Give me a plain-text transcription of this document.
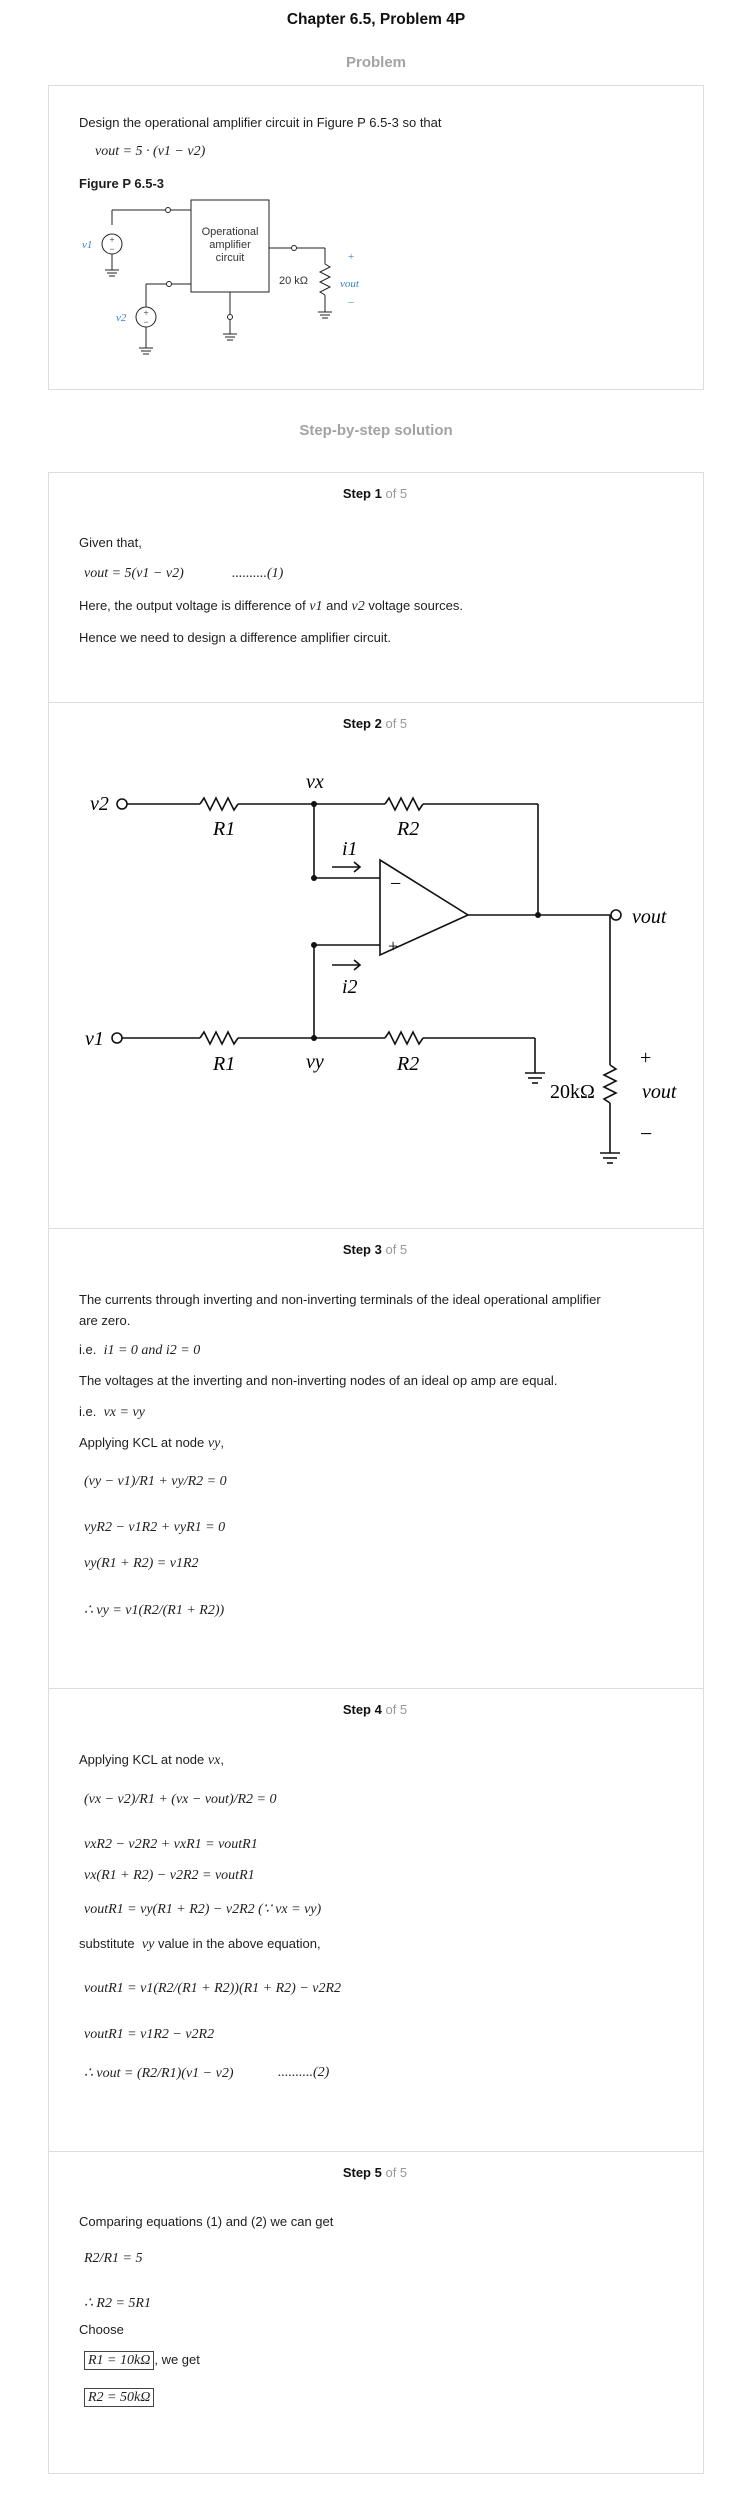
Chapter 6.5, Problem 4P
Problem
Design the operational amplifier circuit in Figure P 6.5-3 so that
vout = 5 · (v1 − v2)
Figure P 6.5-3
+
−
+
−
Operational
amplifier
circuit
20 kΩ
v1
v2
vout
+
−
Step-by-step solution
Step 1 of 5
Given that,
vout = 5(v1 − v2)	..........(1)
Here, the output voltage is difference of v1 and v2 voltage sources.
Hence we need to design a difference amplifier circuit.
Step 2 of 5
v2
v1
vx
vy
R1	R2
R1	R2
i1
i2
−
+
vout
20kΩ
+
vout
−
Step 3 of 5
The currents through inverting and non-inverting terminals of the ideal operational amplifier
are zero.
i.e. i1 = 0 and i2 = 0
The voltages at the inverting and non-inverting nodes of an ideal op amp are equal.
i.e. vx = vy
Applying KCL at node vy,
(vy − v1)/R1 + vy/R2 = 0
vyR2 − v1R2 + vyR1 = 0
vy(R1 + R2) = v1R2
∴ vy = v1(R2/(R1 + R2))
Step 4 of 5
Applying KCL at node vx,
(vx − v2)/R1 + (vx − vout)/R2 = 0
vxR2 − v2R2 + vxR1 = voutR1
vx(R1 + R2) − v2R2 = voutR1
voutR1 = vy(R1 + R2) − v2R2 (∵ vx = vy)
substitute vy value in the above equation,
voutR1 = v1(R2/(R1 + R2))(R1 + R2) − v2R2
voutR1 = v1R2 − v2R2
∴ vout = (R2/R1)(v1 − v2)	..........(2)
Step 5 of 5
Comparing equations (1) and (2) we can get
R2/R1 = 5
∴ R2 = 5R1
Choose
R1 = 10kΩ , we get
R2 = 50kΩ
